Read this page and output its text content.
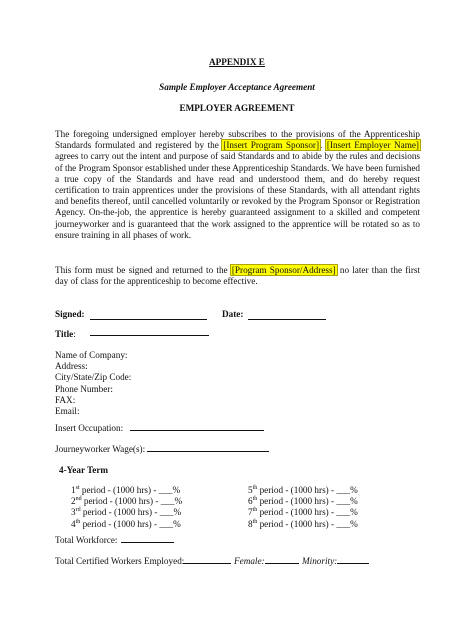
APPENDIX E
Sample Employer Acceptance Agreement
EMPLOYER AGREEMENT
The foregoing undersigned employer hereby subscribes to the provisions of the Apprenticeship Standards formulated and registered by the [Insert Program Sponsor]. [Insert Employer Name] agrees to carry out the intent and purpose of said Standards and to abide by the rules and decisions of the Program Sponsor established under these Apprenticeship Standards. We have been furnished a true copy of the Standards and have read and understood them, and do hereby request certification to train apprentices under the provisions of these Standards, with all attendant rights and benefits thereof, until cancelled voluntarily or revoked by the Program Sponsor or Registration Agency. On-the-job, the apprentice is hereby guaranteed assignment to a skilled and competent journeyworker and is guaranteed that the work assigned to the apprentice will be rotated so as to ensure training in all phases of work.
This form must be signed and returned to the [Program Sponsor/Address] no later than the first day of class for the apprenticeship to become effective.
Signed:	Date:
Title:
Name of Company:
Address:
City/State/Zip Code:
Phone Number:
FAX:
Email:
Insert Occupation:
Journeyworker Wage(s):
4-Year Term
1st period - (1000 hrs) - ___%
2nd period - (1000 hrs) - ___%
3rd period - (1000 hrs) - ___%
4th period - (1000 hrs) - ___%
5th period - (1000 hrs) - ___%
6th period - (1000 hrs) - ___%
7th period - (1000 hrs) - ___%
8th period - (1000 hrs) - ___%
Total Workforce:
Total Certified Workers Employed:	Female:	Minority:
